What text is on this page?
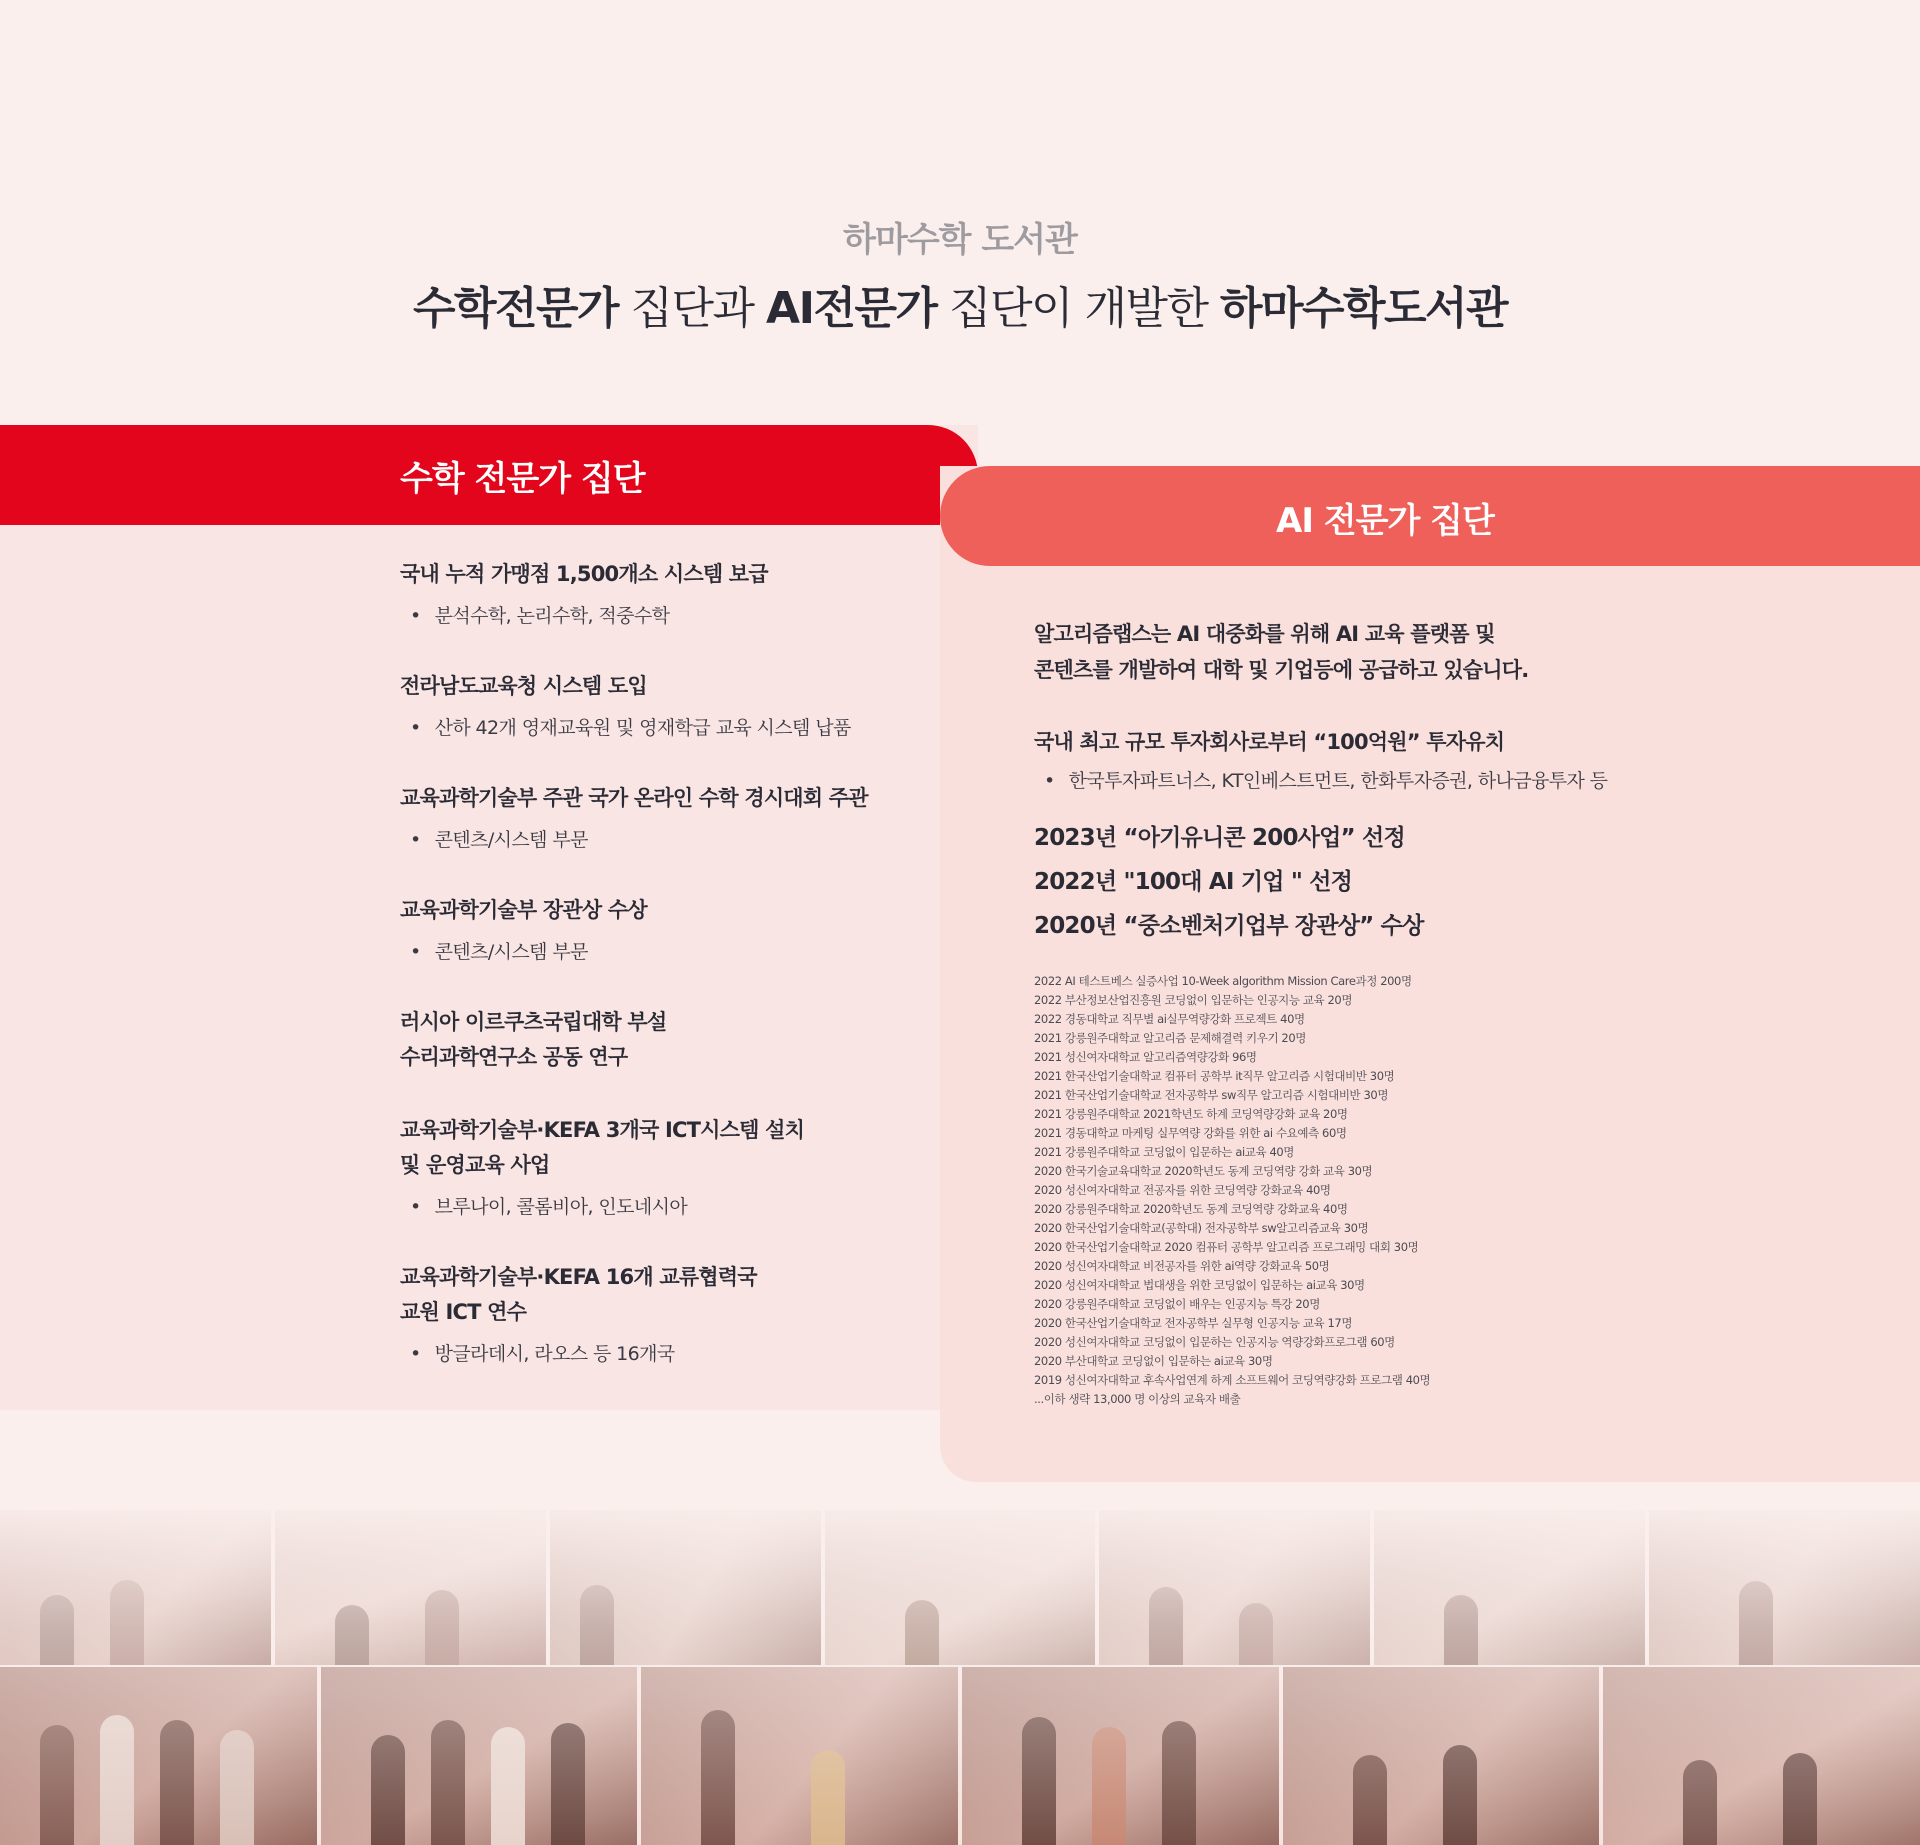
하마수학 도서관
수학전문가 집단과 AI전문가 집단이 개발한 하마수학도서관
수학 전문가 집단
국내 누적 가맹점 1,500개소 시스템 보급
• 분석수학, 논리수학, 적중수학
전라남도교육청 시스템 도입
• 산하 42개 영재교육원 및 영재학급 교육 시스템 납품
교육과학기술부 주관 국가 온라인 수학 경시대회 주관
• 콘텐츠/시스템 부문
교육과학기술부 장관상 수상
• 콘텐츠/시스템 부문
러시아 이르쿠츠국립대학 부설
수리과학연구소 공동 연구
교육과학기술부·KEFA 3개국 ICT시스템 설치
및 운영교육 사업
• 브루나이, 콜롬비아, 인도네시아
교육과학기술부·KEFA 16개 교류협력국
교원 ICT 연수
• 방글라데시, 라오스 등 16개국
AI 전문가 집단
알고리즘랩스는 AI 대중화를 위해 AI 교육 플랫폼 및
콘텐츠를 개발하여 대학 및 기업등에 공급하고 있습니다.
국내 최고 규모 투자회사로부터 “100억원” 투자유치
• 한국투자파트너스, KT인베스트먼트, 한화투자증권, 하나금융투자 등
2023년 “아기유니콘 200사업” 선정
2022년 "100대 AI 기업 " 선정
2020년 “중소벤처기업부 장관상” 수상
2022 AI 테스트베스 실증사업 10-Week algorithm Mission Care과정 200명
2022 부산정보산업진흥원 코딩없이 입문하는 인공지능 교육 20명
2022 경동대학교 직무별 ai실무역량강화 프로젝트 40명
2021 강릉원주대학교 알고리즘 문제해결력 키우기 20명
2021 성신여자대학교 알고리즘역량강화 96명
2021 한국산업기술대학교 컴퓨터 공학부 it직무 알고리즘 시험대비반 30명
2021 한국산업기술대학교 전자공학부 sw직무 알고리즘 시험대비반 30명
2021 강릉원주대학교 2021학년도 하계 코딩역량강화 교육 20명
2021 경동대학교 마케팅 실무역량 강화를 위한 ai 수요예측 60명
2021 강릉원주대학교 코딩없이 입문하는 ai교육 40명
2020 한국기술교육대학교 2020학년도 동계 코딩역량 강화 교육 30명
2020 성신여자대학교 전공자를 위한 코딩역량 강화교육 40명
2020 강릉원주대학교 2020학년도 동계 코딩역량 강화교육 40명
2020 한국산업기술대학교(공학대) 전자공학부 sw알고리즘교육 30명
2020 한국산업기술대학교 2020 컴퓨터 공학부 알고리즘 프로그래밍 대회 30명
2020 성신여자대학교 비전공자를 위한 ai역량 강화교육 50명
2020 성신여자대학교 법대생을 위한 코딩없이 입문하는 ai교육 30명
2020 강릉원주대학교 코딩없이 배우는 인공지능 특강 20명
2020 한국산업기술대학교 전자공학부 실무형 인공지능 교육 17명
2020 성신여자대학교 코딩없이 입문하는 인공지능 역량강화프로그램 60명
2020 부산대학교 코딩없이 입문하는 ai교육 30명
2019 성신여자대학교 후속사업연계 하계 소프트웨어 코딩역량강화 프로그램 40명
...이하 생략 13,000 명 이상의 교육자 배출
